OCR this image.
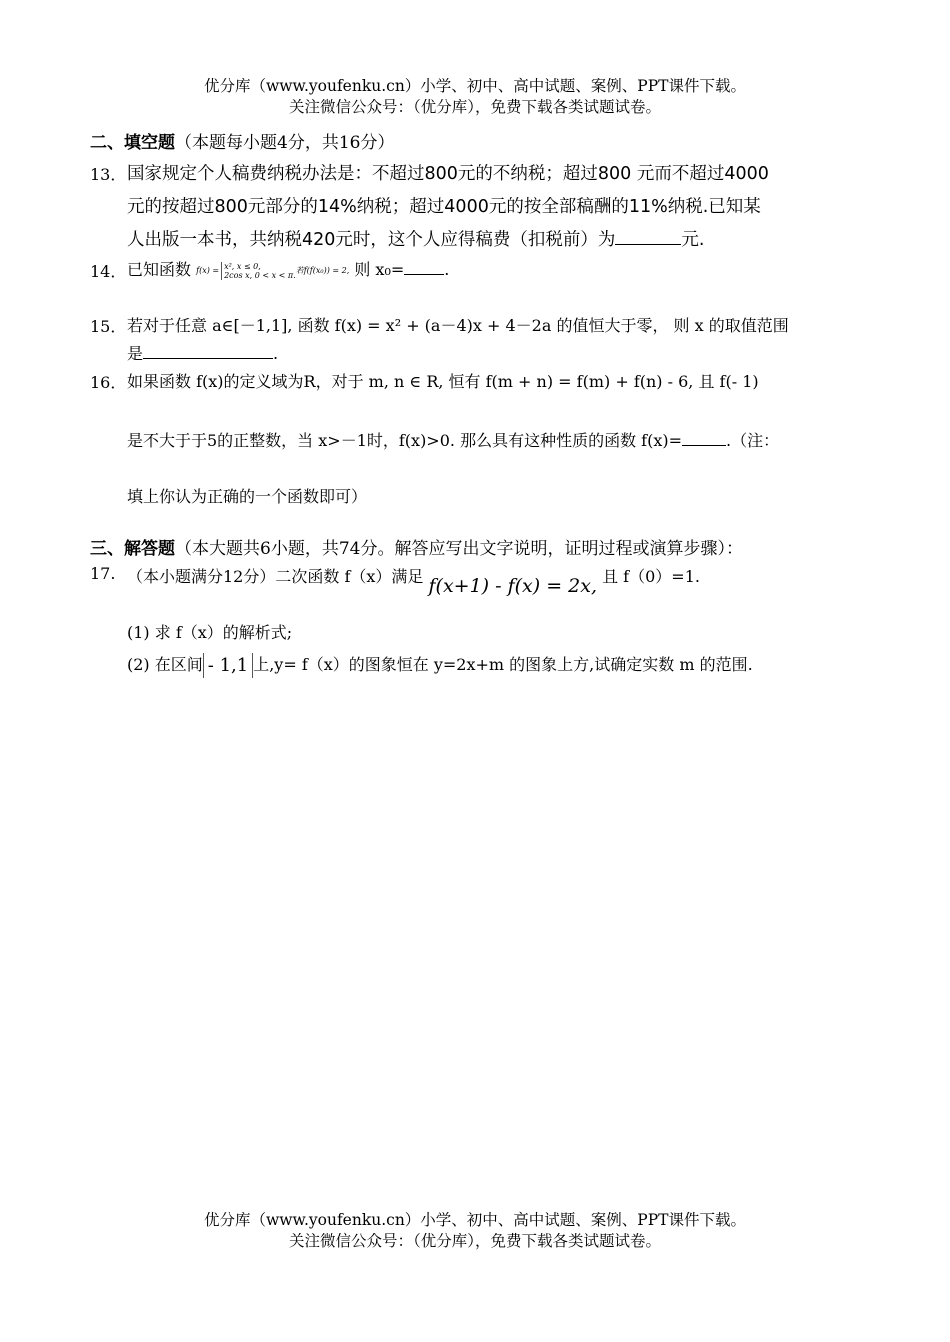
优分库（www.youfenku.cn）小学、初中、高中试题、案例、PPT课件下载。
关注微信公众号：（优分库），免费下载各类试题试卷。
二、填空题（本题每小题4分，共16分）
13． 国家规定个人稿费纳税办法是：不超过800元的不纳税；超过800 元而不超过4000
元的按超过800元部分的14%纳税；超过4000元的按全部稿酬的11%纳税.已知某
人出版一本书，共纳税420元时，这个人应得稿费（扣税前）为	元.
14． 已知函数 f(x) = x², x ≤ 0,
2cos x, 0 < x < π.若f(f(x₀)) = 2, 则 x₀=	.
15． 若对于任意 a∈[－1,1], 函数 f(x) = x² + (a－4)x + 4－2a 的值恒大于零， 则 x 的取值范围
是	.
16． 如果函数 f(x)的定义域为R，对于 m, n ∈ R, 恒有 f(m + n) = f(m) + f(n) - 6, 且 f(- 1)
是不大于于5的正整数，当 x>－1时，f(x)>0. 那么具有这种性质的函数 f(x)=	.（注：
填上你认为正确的一个函数即可）
三、解答题（本大题共6小题，共74分。解答应写出文字说明，证明过程或演算步骤）：
17. （本小题满分12分）二次函数 f（x）满足 f(x+1) - f(x) = 2x, 且 f（0）=1.
(1) 求 f（x）的解析式;
(2) 在区间 - 1,1 上,y= f（x）的图象恒在 y=2x+m 的图象上方,试确定实数 m 的范围.
优分库（www.youfenku.cn）小学、初中、高中试题、案例、PPT课件下载。
关注微信公众号：（优分库），免费下载各类试题试卷。
